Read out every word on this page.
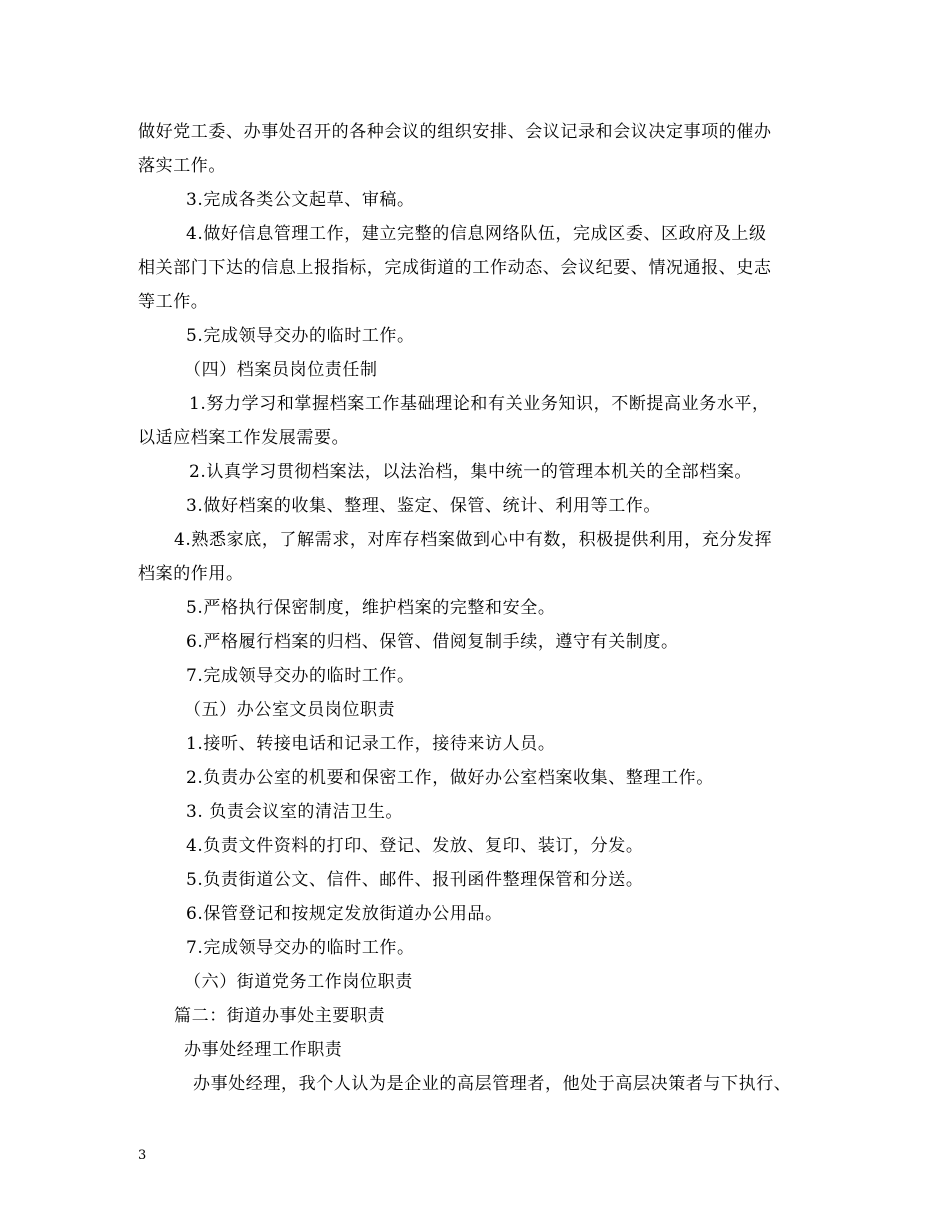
做好党工委、办事处召开的各种会议的组织安排、会议记录和会议决定事项的催办
落实工作。
3.完成各类公文起草、审稿。
4.做好信息管理工作，建立完整的信息网络队伍，完成区委、区政府及上级
相关部门下达的信息上报指标，完成街道的工作动态、会议纪要、情况通报、史志
等工作。
5.完成领导交办的临时工作。
（四）档案员岗位责任制
1.努力学习和掌握档案工作基础理论和有关业务知识，不断提高业务水平，
以适应档案工作发展需要。
2.认真学习贯彻档案法，以法治档，集中统一的管理本机关的全部档案。
3.做好档案的收集、整理、鉴定、保管、统计、利用等工作。
4.熟悉家底，了解需求，对库存档案做到心中有数，积极提供利用，充分发挥
档案的作用。
5.严格执行保密制度，维护档案的完整和安全。
6.严格履行档案的归档、保管、借阅复制手续，遵守有关制度。
7.完成领导交办的临时工作。
（五）办公室文员岗位职责
1.接听、转接电话和记录工作，接待来访人员。
2.负责办公室的机要和保密工作，做好办公室档案收集、整理工作。
3. 负责会议室的清洁卫生。
4.负责文件资料的打印、登记、发放、复印、装订，分发。
5.负责街道公文、信件、邮件、报刊函件整理保管和分送。
6.保管登记和按规定发放街道办公用品。
7.完成领导交办的临时工作。
（六）街道党务工作岗位职责
篇二：街道办事处主要职责
办事处经理工作职责
办事处经理，我个人认为是企业的高层管理者，他处于高层决策者与下执行、
3
